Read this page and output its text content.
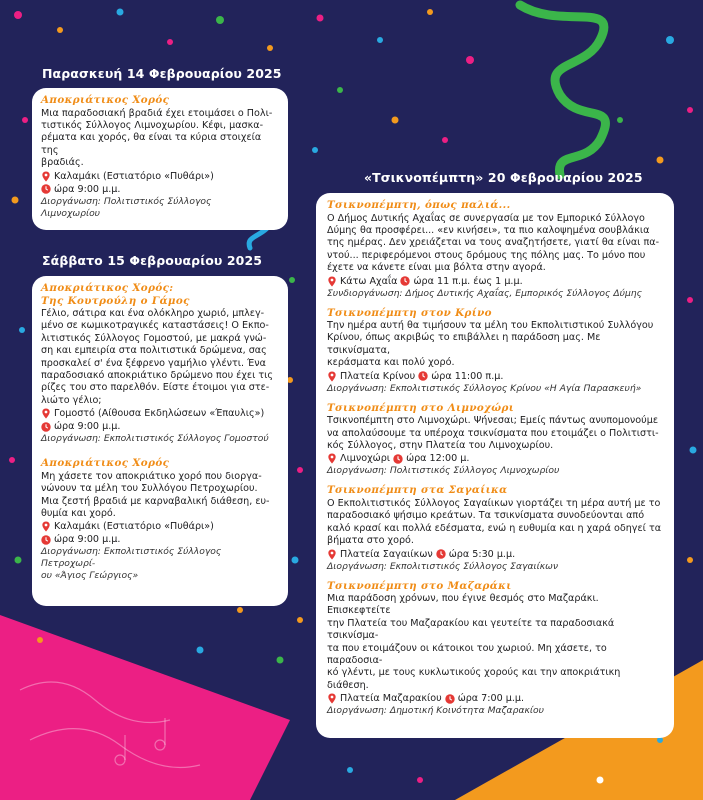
Παρασκευή 14 Φεβρουαρίου 2025
Αποκριάτικος Χορός
Μια παραδοσιακή βραδιά έχει ετοιμάσει ο Πολι-
τιστικός Σύλλογος Λιμνοχωρίου. Κέφι, μασκα-
ρέματα και χορός, θα είναι τα κύρια στοιχεία της
βραδιάς.
Καλαμάκι (Εστιατόριο «Πυθάρι»)
ώρα 9:00 μ.μ.
Διοργάνωση: Πολιτιστικός Σύλλογος
Λιμνοχωρίου
Σάββατο 15 Φεβρουαρίου 2025
Αποκριάτικος Χορός:
Της Κουτρούλη ο Γάμος
Γέλιο, σάτιρα και ένα ολόκληρο χωριό, μπλεγ-
μένο σε κωμικοτραγικές καταστάσεις! Ο Εκπο-
λιτιστικός Σύλλογος Γομοστού, με μακρά γνώ-
ση και εμπειρία στα πολιτιστικά δρώμενα, σας
προσκαλεί σ' ένα ξέφρενο γαμήλιο γλέντι. Ένα
παραδοσιακό αποκριάτικο δρώμενο που έχει τις
ρίζες του στο παρελθόν. Είστε έτοιμοι για στε-
λιώτο γέλιο;
Γομοστό (Αίθουσα Εκδηλώσεων «Έπαυλις»)
ώρα 9:00 μ.μ.
Διοργάνωση: Εκπολιτιστικός Σύλλογος Γομοστού
Αποκριάτικος Χορός
Μη χάσετε τον αποκριάτικο χορό που διοργα-
νώνουν τα μέλη του Συλλόγου Πετροχωρίου.
Μια ζεστή βραδιά με καρναβαλική διάθεση, ευ-
θυμία και χορό.
Καλαμάκι (Εστιατόριο «Πυθάρι»)
ώρα 9:00 μ.μ.
Διοργάνωση: Εκπολιτιστικός Σύλλογος Πετροχωρί-
ου «Άγιος Γεώργιος»
«Τσικνοπέμπτη» 20 Φεβρουαρίου 2025
Τσικνοπέμπτη, όπως παλιά...
Ο Δήμος Δυτικής Αχαΐας σε συνεργασία με τον Εμπορικό Σύλλογο
Δύμης θα προσφέρει... «εν κινήσει», τα πιο καλοψημένα σουβλάκια
της ημέρας. Δεν χρειάζεται να τους αναζητήσετε, γιατί θα είναι πα-
ντού... περιφερόμενοι στους δρόμους της πόλης μας. Το μόνο που
έχετε να κάνετε είναι μια βόλτα στην αγορά.
Κάτω Αχαΐα ώρα 11 π.μ. έως 1 μ.μ.
Συνδιοργάνωση: Δήμος Δυτικής Αχαΐας, Εμπορικός Σύλλογος Δύμης
Τσικνοπέμπτη στον Κρίνο
Την ημέρα αυτή θα τιμήσουν τα μέλη του Εκπολιτιστικού Συλλόγου
Κρίνου, όπως ακριβώς το επιβάλλει η παράδοση μας. Με τσικνίσματα,
κεράσματα και πολύ χορό.
Πλατεία Κρίνου ώρα 11:00 π.μ.
Διοργάνωση: Εκπολιτιστικός Σύλλογος Κρίνου «Η Αγία Παρασκευή»
Τσικνοπέμπτη στο Λιμνοχώρι
Τσικνοπέμπτη στο Λιμνοχώρι. Ψήνεσαι; Εμείς πάντως ανυπομονούμε
να απολαύσουμε τα υπέροχα τσικνίσματα που ετοιμάζει ο Πολιτιστι-
κός Σύλλογος, στην Πλατεία του Λιμνοχωρίου.
Λιμνοχώρι ώρα 12:00 μ.
Διοργάνωση: Πολιτιστικός Σύλλογος Λιμνοχωρίου
Τσικνοπέμπτη στα Σαγαίικα
Ο Εκπολιτιστικός Σύλλογος Σαγαίικων γιορτάζει τη μέρα αυτή με το
παραδοσιακό ψήσιμο κρεάτων. Τα τσικνίσματα συνοδεύονται από
καλό κρασί και πολλά εδέσματα, ενώ η ευθυμία και η χαρά οδηγεί τα
βήματα στο χορό.
Πλατεία Σαγαιίκων ώρα 5:30 μ.μ.
Διοργάνωση: Εκπολιτιστικός Σύλλογος Σαγαιίκων
Τσικνοπέμπτη στο Μαζαράκι
Μια παράδοση χρόνων, που έγινε θεσμός στο Μαζαράκι. Επισκεφτείτε
την Πλατεία του Μαζαρακίου και γευτείτε τα παραδοσιακά τσικνίσμα-
τα που ετοιμάζουν οι κάτοικοι του χωριού. Μη χάσετε, το παραδοσια-
κό γλέντι, με τους κυκλωτικούς χορούς και την αποκριάτικη διάθεση.
Πλατεία Μαζαρακίου ώρα 7:00 μ.μ.
Διοργάνωση: Δημοτική Κοινότητα Μαζαρακίου
